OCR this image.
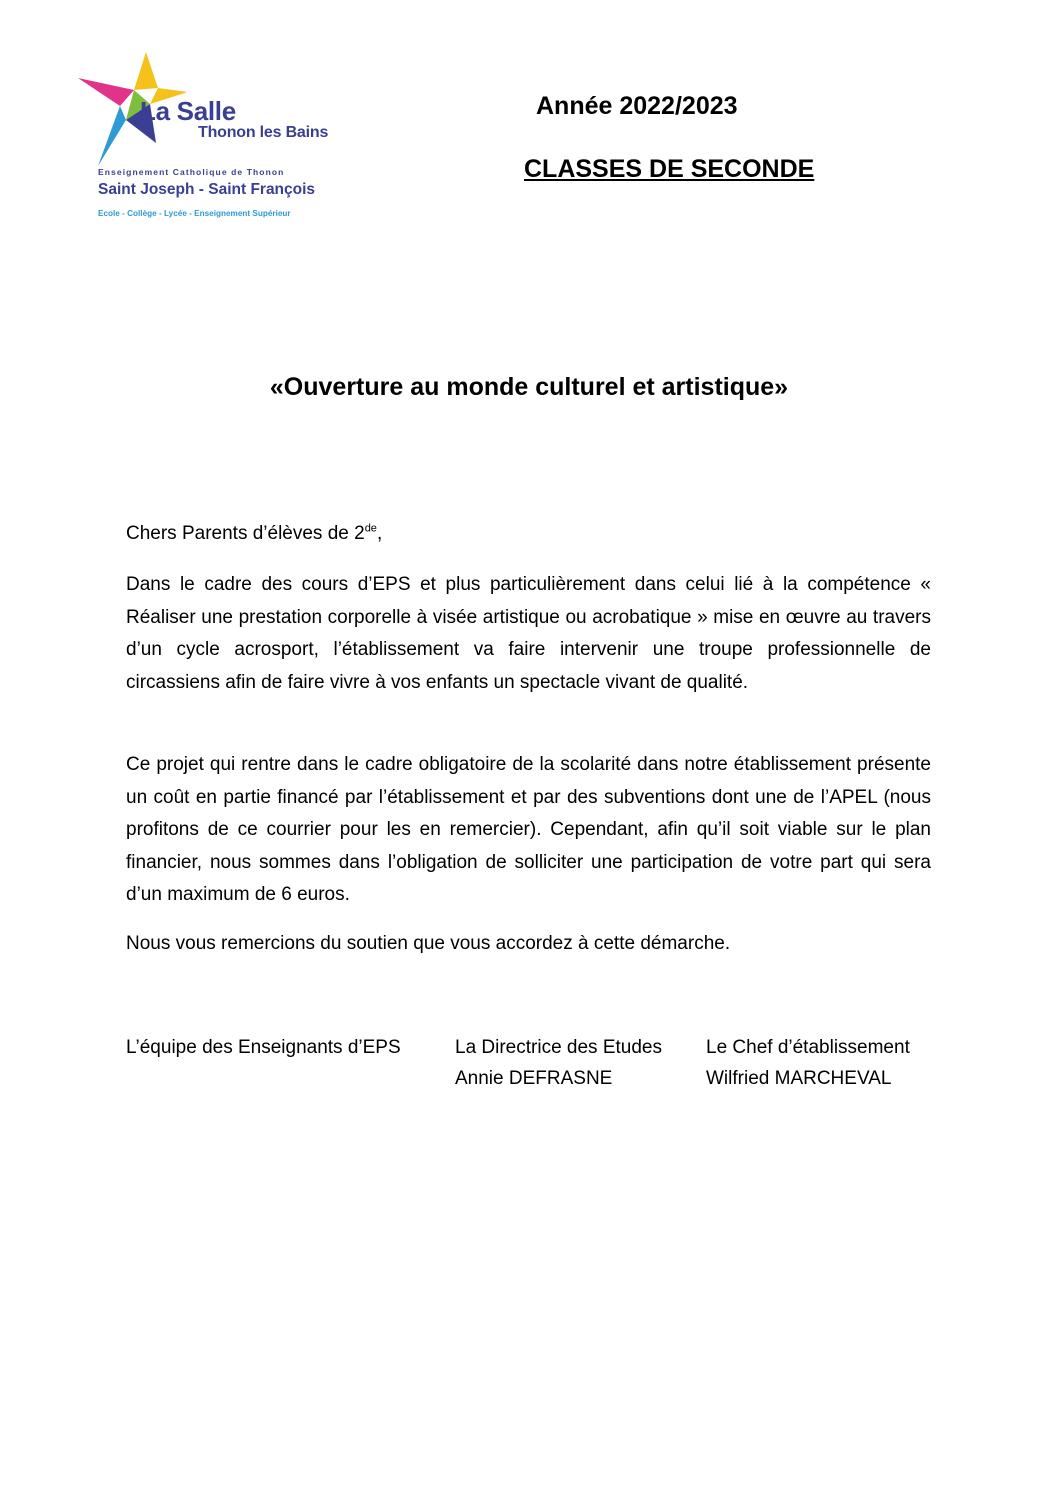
La Salle
Thonon les Bains
Enseignement Catholique de Thonon
Saint Joseph - Saint François
Ecole - Collège - Lycée - Enseignement Supérieur
Année 2022/2023
CLASSES DE SECONDE
«Ouverture au monde culturel et artistique»

Chers Parents d’élèves de 2de,

Dans le cadre des cours d’EPS et plus particulièrement dans celui lié à la compétence « Réaliser une prestation corporelle à visée artistique ou acrobatique » mise en œuvre au travers d’un cycle acrosport, l’établissement va faire intervenir une troupe professionnelle de circassiens afin de faire vivre à vos enfants un spectacle vivant de qualité.

Ce projet qui rentre dans le cadre obligatoire de la scolarité dans notre établissement présente un coût en partie financé par l’établissement et par des subventions dont une de l’APEL (nous profitons de ce courrier pour les en remercier). Cependant, afin qu’il soit viable sur le plan financier, nous sommes dans l’obligation de solliciter une participation de votre part qui sera d’un maximum de 6 euros.

Nous vous remercions du soutien que vous accordez à cette démarche.

L’équipe des Enseignants d’EPS	La Directrice des Etudes
Annie DEFRASNE
Le Chef d’établissement
Wilfried MARCHEVAL
